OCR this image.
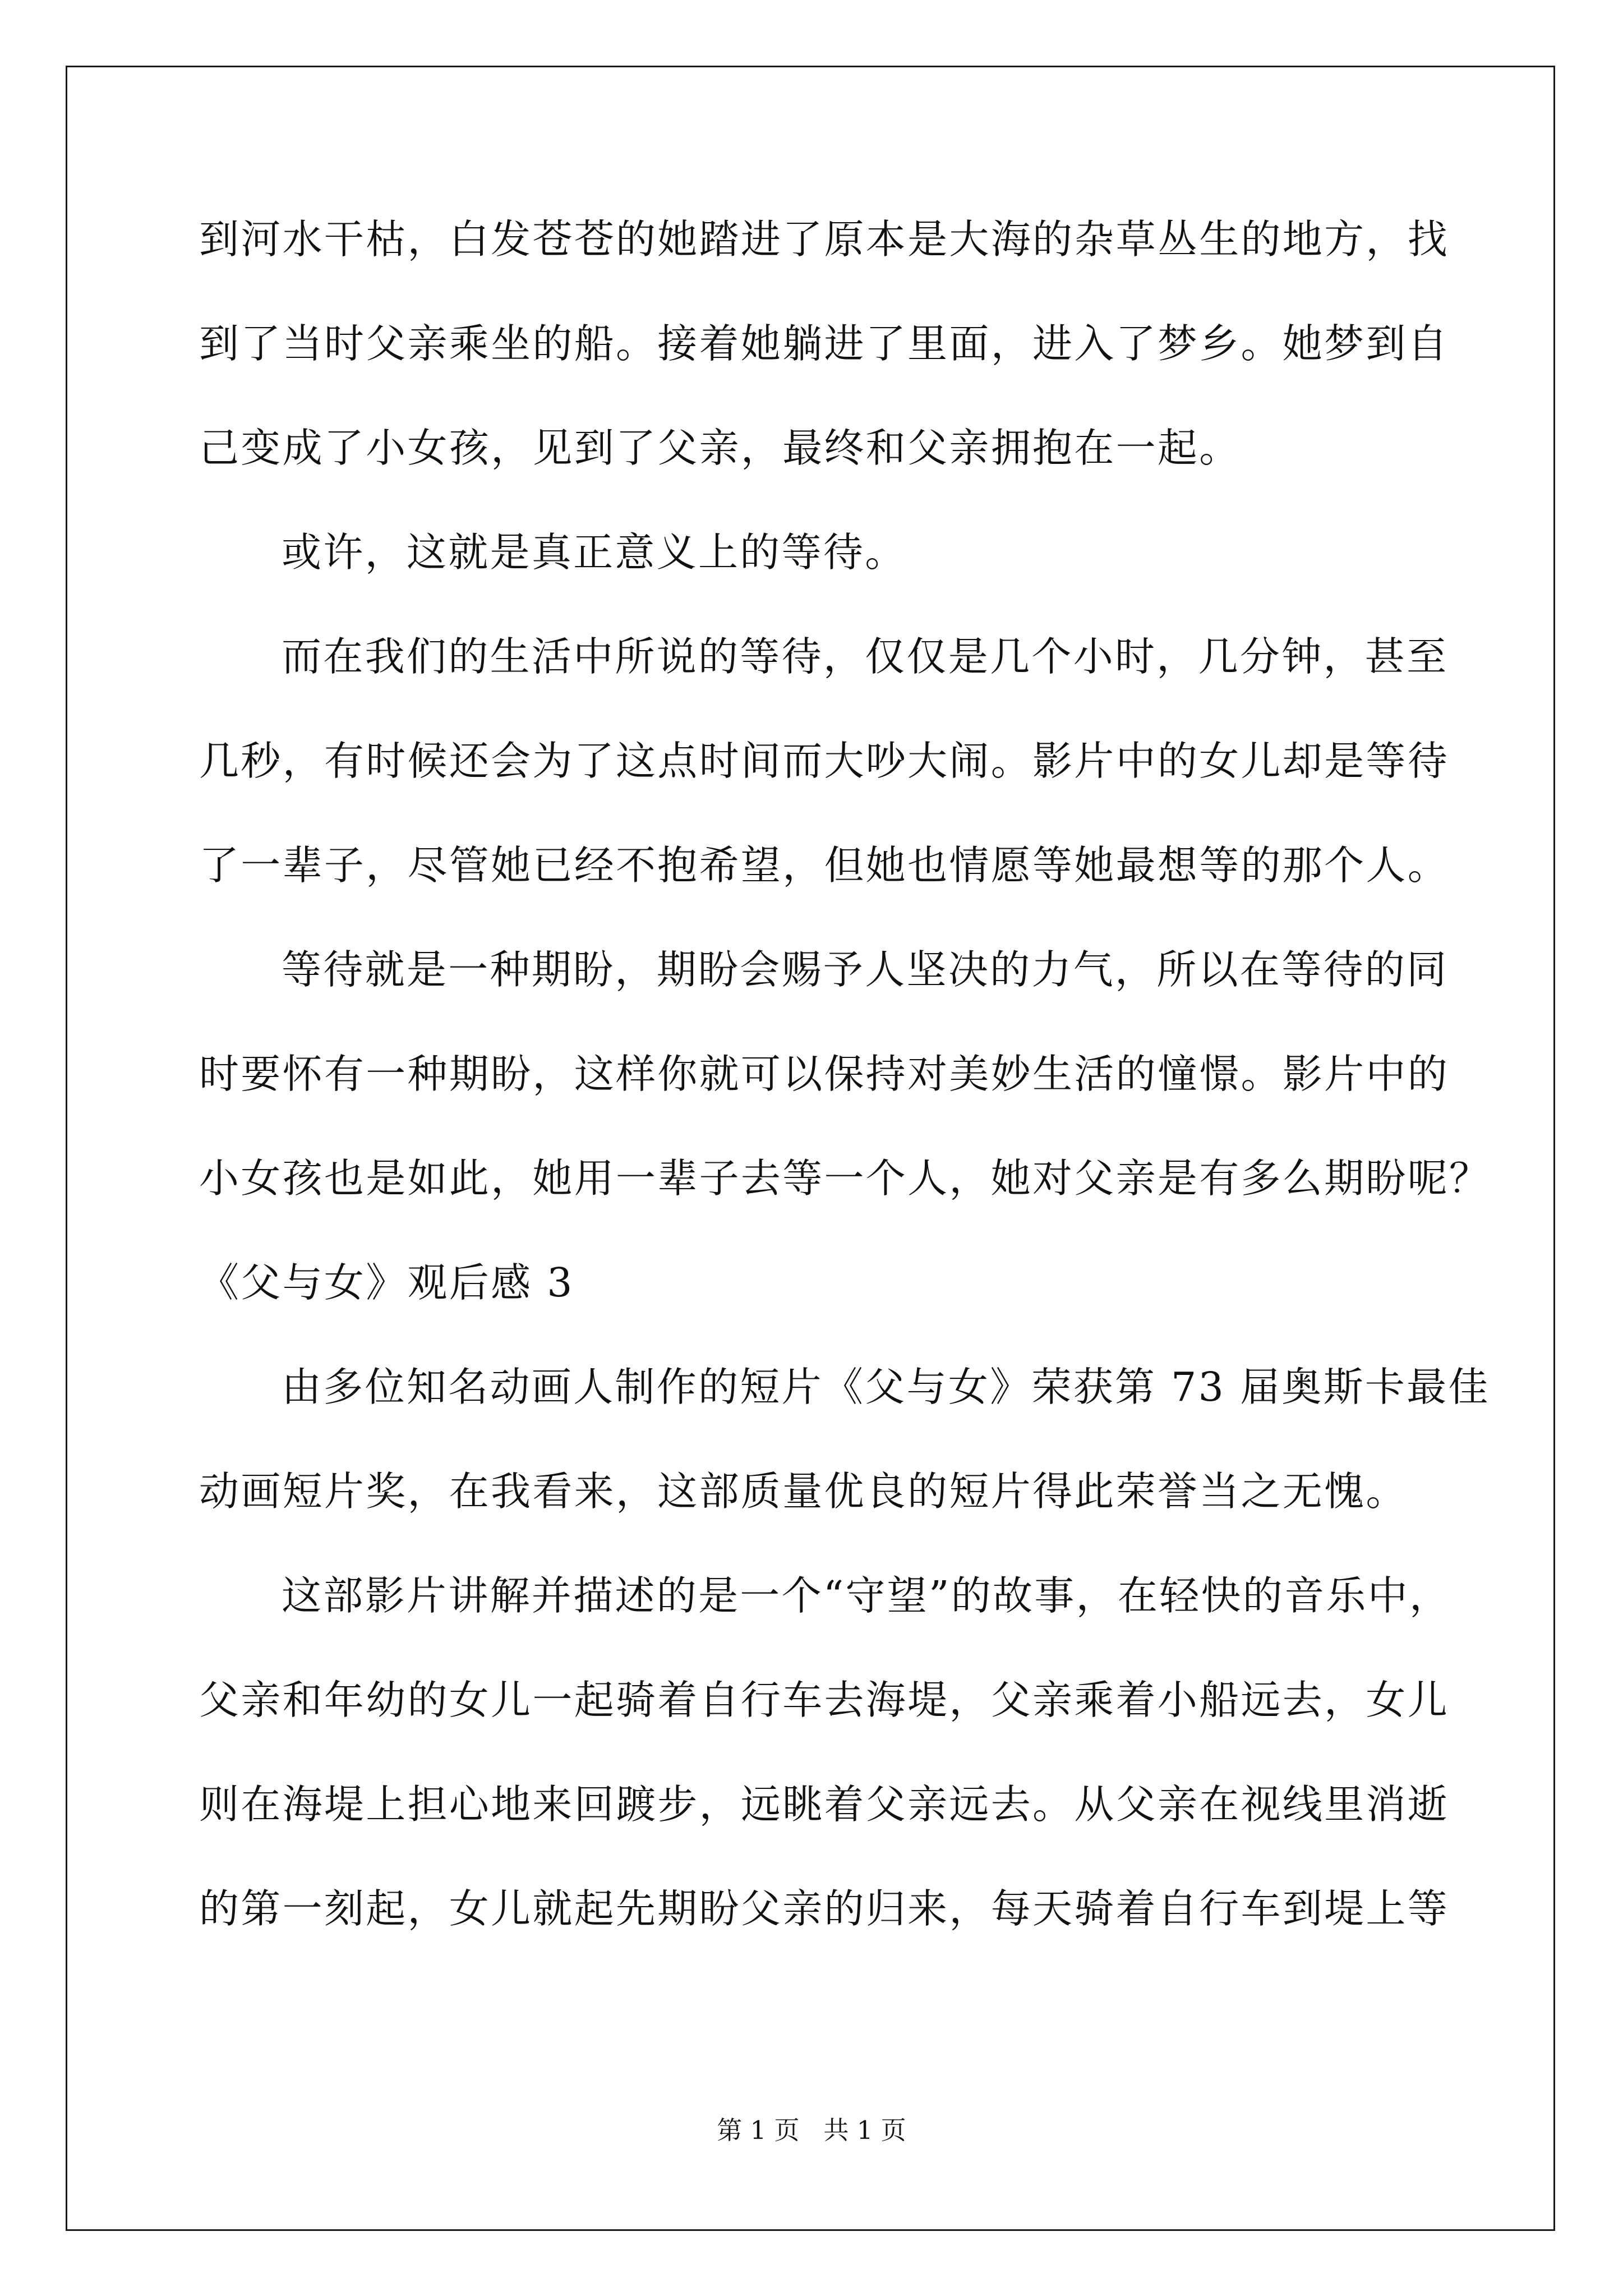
到河水干枯，白发苍苍的她踏进了原本是大海的杂草丛生的地方，找
到了当时父亲乘坐的船。接着她躺进了里面，进入了梦乡。她梦到自
己变成了小女孩，见到了父亲，最终和父亲拥抱在一起。
或许，这就是真正意义上的等待。
而在我们的生活中所说的等待，仅仅是几个小时，几分钟，甚至
几秒，有时候还会为了这点时间而大吵大闹。影片中的女儿却是等待
了一辈子，尽管她已经不抱希望，但她也情愿等她最想等的那个人。
等待就是一种期盼，期盼会赐予人坚决的力气，所以在等待的同
时要怀有一种期盼，这样你就可以保持对美妙生活的憧憬。影片中的
小女孩也是如此，她用一辈子去等一个人，她对父亲是有多么期盼呢？
《父与女》观后感 3
由多位知名动画人制作的短片《父与女》荣获第 73 届奥斯卡最佳
动画短片奖，在我看来，这部质量优良的短片得此荣誉当之无愧。
这部影片讲解并描述的是一个“守望”的故事，在轻快的音乐中，
父亲和年幼的女儿一起骑着自行车去海堤，父亲乘着小船远去，女儿
则在海堤上担心地来回踱步，远眺着父亲远去。从父亲在视线里消逝
的第一刻起，女儿就起先期盼父亲的归来，每天骑着自行车到堤上等
第 1 页   共 1 页
